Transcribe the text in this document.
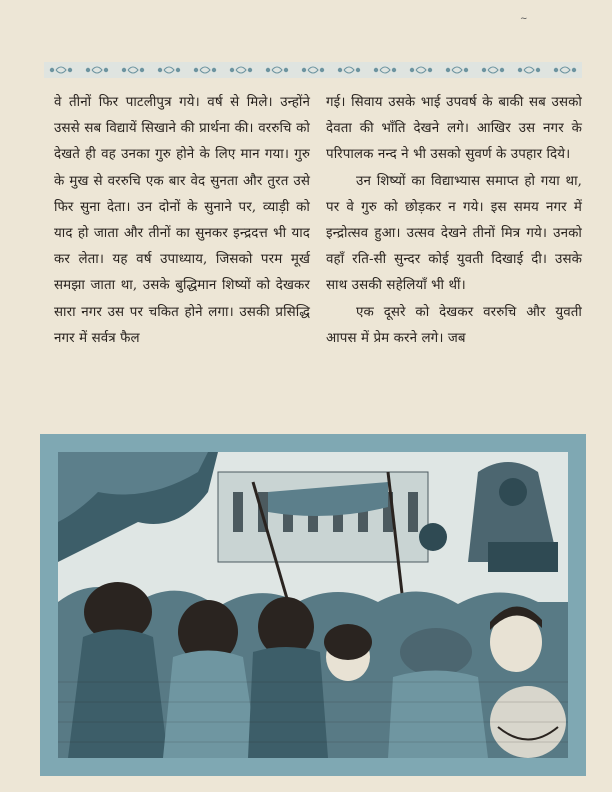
~

वे तीनों फिर पाटलीपुत्र गये। वर्ष से मिले। उन्होंने उससे सब विद्यायें सिखाने की प्रार्थना की। वररुचि को देखते ही वह उनका गुरु होने के लिए मान गया। गुरु के मुख से वररुचि एक बार वेद सुनता और तुरत उसे फिर सुना देता। उन दोनों के सुनाने पर, व्याड़ी को याद हो जाता और तीनों का सुनकर इन्द्रदत्त भी याद कर लेता। यह वर्ष उपाध्याय, जिसको परम मूर्ख समझा जाता था, उसके बुद्धिमान शिष्यों को देखकर सारा नगर उस पर चकित होने लगा। उसकी प्रसिद्धि नगर में सर्वत्र फैल

गई। सिवाय उसके भाई उपवर्ष के बाकी सब उसको देवता की भाँति देखने लगे। आखिर उस नगर के परिपालक नन्द ने भी उसको सुवर्ण के उपहार दिये।

उन शिष्यों का विद्याभ्यास समाप्त हो गया था, पर वे गुरु को छोड़कर न गये। इस समय नगर में इन्द्रोत्सव हुआ। उत्सव देखने तीनों मित्र गये। उनको वहाँ रति-सी सुन्दर कोई युवती दिखाई दी। उसके साथ उसकी सहेलियाँ भी थीं।

एक दूसरे को देखकर वररुचि और युवती आपस में प्रेम करने लगे। जब
